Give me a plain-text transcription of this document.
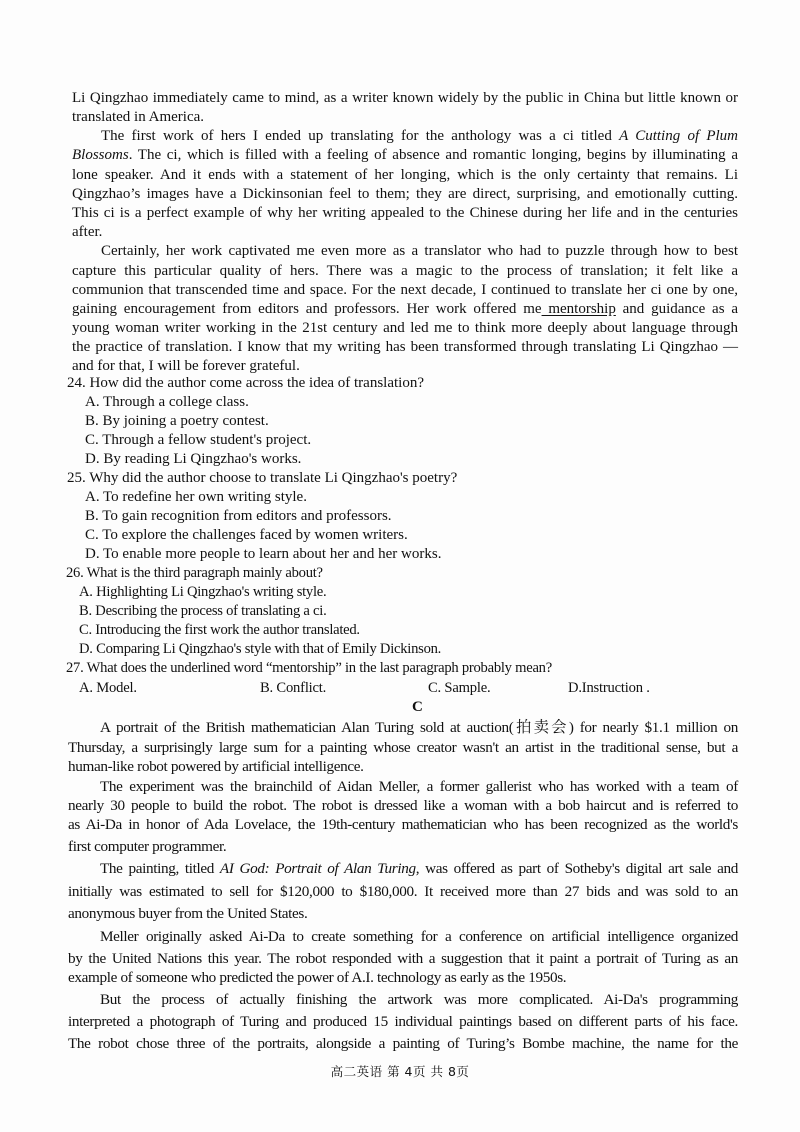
Li Qingzhao immediately came to mind, as a writer known widely by the public in China but little known or
translated in America.
The first work of hers I ended up translating for the anthology was a ci titled A Cutting of Plum
Blossoms. The ci, which is filled with a feeling of absence and romantic longing, begins by illuminating a
lone speaker. And it ends with a statement of her longing, which is the only certainty that remains. Li
Qingzhao’s images have a Dickinsonian feel to them; they are direct, surprising, and emotionally cutting.
This ci is a perfect example of why her writing appealed to the Chinese during her life and in the centuries
after.
Certainly, her work captivated me even more as a translator who had to puzzle through how to best
capture this particular quality of hers. There was a magic to the process of translation; it felt like a
communion that transcended time and space. For the next decade, I continued to translate her ci one by one,
gaining encouragement from editors and professors. Her work offered me mentorship and guidance as a
young woman writer working in the 21st century and led me to think more deeply about language through
the practice of translation. I know that my writing has been transformed through translating Li Qingzhao —
and for that, I will be forever grateful.
24. How did the author come across the idea of translation?
A. Through a college class.
B. By joining a poetry contest.
C. Through a fellow student's project.
D. By reading Li Qingzhao's works.
25. Why did the author choose to translate Li Qingzhao's poetry?
A. To redefine her own writing style.
B. To gain recognition from editors and professors.
C. To explore the challenges faced by women writers.
D. To enable more people to learn about her and her works.
26. What is the third paragraph mainly about?
A. Highlighting Li Qingzhao's writing style.
B. Describing the process of translating a ci.
C. Introducing the first work the author translated.
D. Comparing Li Qingzhao's style with that of Emily Dickinson.
27. What does the underlined word “mentorship” in the last paragraph probably mean?
A. Model.	B. Conflict.	C. Sample.	D.Instruction .
C
A portrait of the British mathematician Alan Turing sold at auction(拍卖会) for nearly $1.1 million on
Thursday, a surprisingly large sum for a painting whose creator wasn't an artist in the traditional sense, but a
human-like robot powered by artificial intelligence.
The experiment was the brainchild of Aidan Meller, a former gallerist who has worked with a team of
nearly 30 people to build the robot. The robot is dressed like a woman with a bob haircut and is referred to
as Ai-Da in honor of Ada Lovelace, the 19th-century mathematician who has been recognized as the world's
first computer programmer.
The painting, titled AI God: Portrait of Alan Turing, was offered as part of Sotheby's digital art sale and
initially was estimated to sell for $120,000 to $180,000. It received more than 27 bids and was sold to an
anonymous buyer from the United States.
Meller originally asked Ai-Da to create something for a conference on artificial intelligence organized
by the United Nations this year. The robot responded with a suggestion that it paint a portrait of Turing as an
example of someone who predicted the power of A.I. technology as early as the 1950s.
But the process of actually finishing the artwork was more complicated. Ai-Da's programming
interpreted a photograph of Turing and produced 15 individual paintings based on different parts of his face.
The robot chose three of the portraits, alongside a painting of Turing’s Bombe machine, the name for the
高二英语 第 4页 共 8页
